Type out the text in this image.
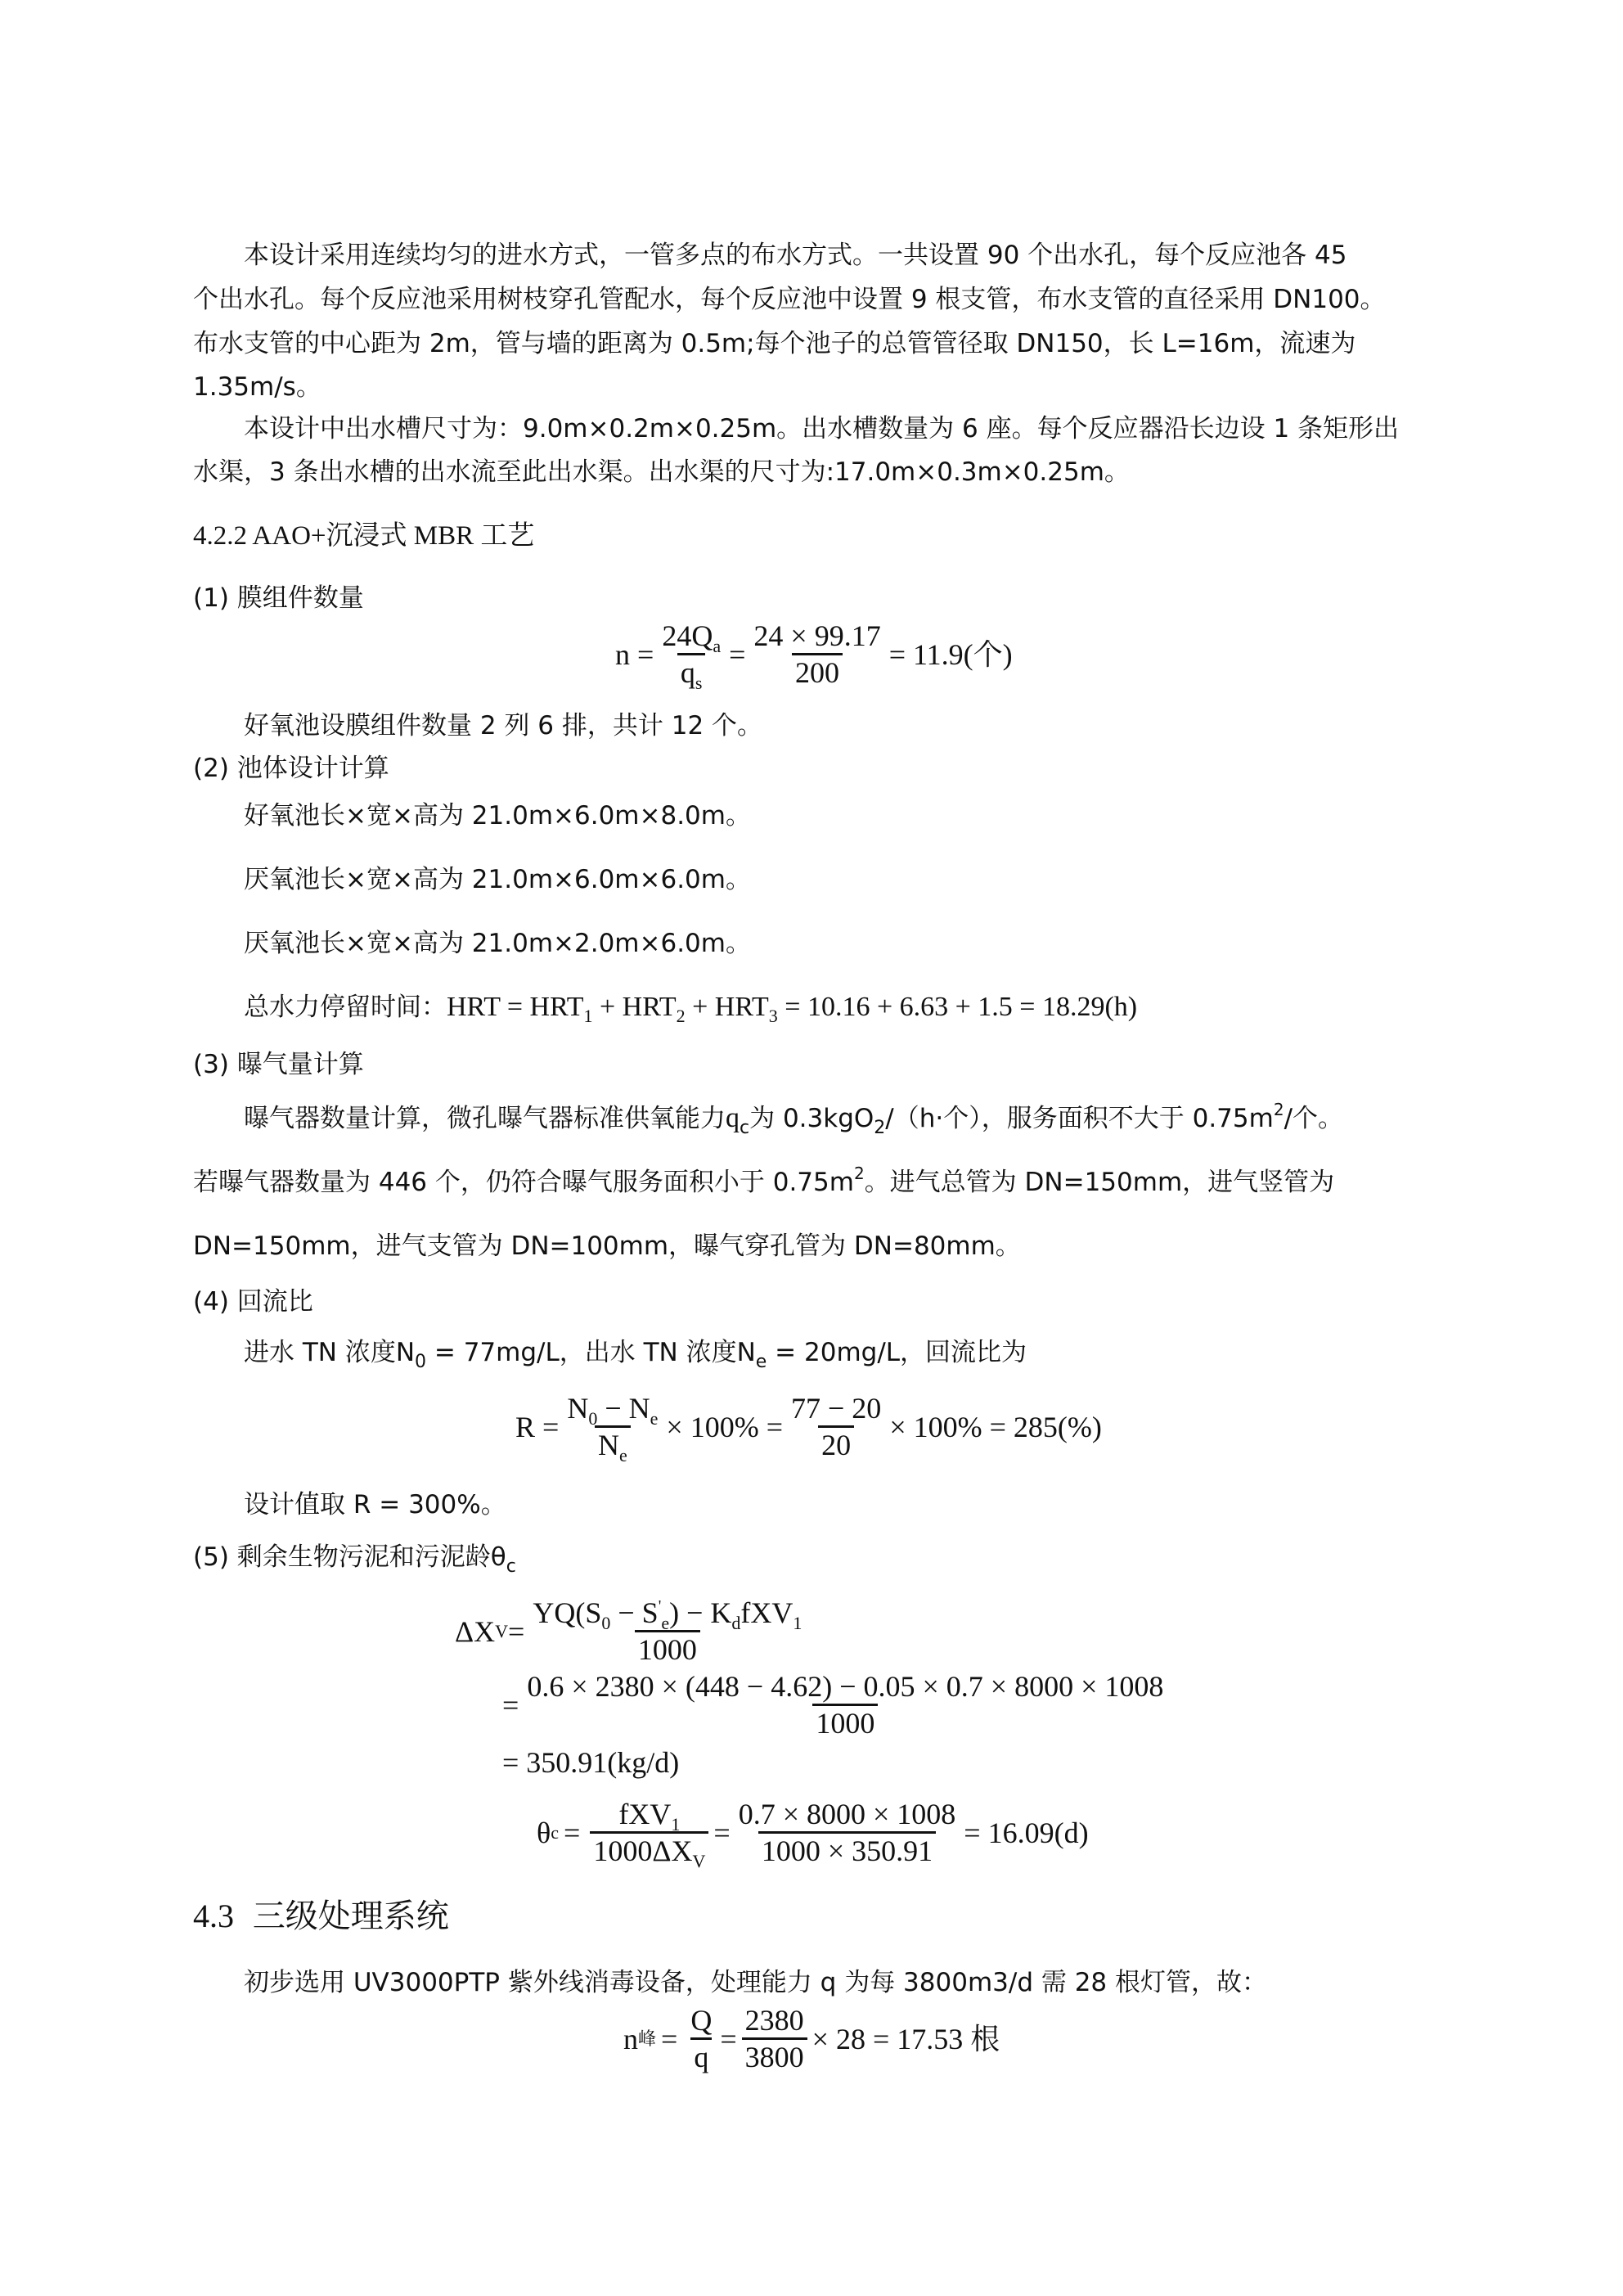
本设计采用连续均匀的进水方式，一管多点的布水方式。一共设置 90 个出水孔，每个反应池各 45
个出水孔。每个反应池采用树枝穿孔管配水，每个反应池中设置 9 根支管，布水支管的直径采用 DN100。
布水支管的中心距为 2m，管与墙的距离为 0.5m;每个池子的总管管径取 DN150，长 L=16m，流速为
1.35m/s。
本设计中出水槽尺寸为：9.0m×0.2m×0.25m。出水槽数量为 6 座。每个反应器沿长边设 1 条矩形出
水渠，3 条出水槽的出水流至此出水渠。出水渠的尺寸为:17.0m×0.3m×0.25m。
4.2.2 AAO+沉浸式 MBR 工艺
(1) 膜组件数量
$n = \frac{24Q_a}{q_s} = \frac{24 \times 99.17}{200} = 11.9$(个)
好氧池设膜组件数量 2 列 6 排，共计 12 个。
(2) 池体设计计算
好氧池长×宽×高为 21.0m×6.0m×8.0m。
厌氧池长×宽×高为 21.0m×6.0m×6.0m。
厌氧池长×宽×高为 21.0m×2.0m×6.0m。
总水力停留时间：HRT = $HRT_1 + HRT_2 + HRT_3 = 10.16 + 6.63 + 1.5 = 18.29(h)$
(3) 曝气量计算
曝气器数量计算，微孔曝气器标准供氧能力$q_c$为 0.3kgO$_2$/（h·个），服务面积不大于 $0.75m^2/$个。
若曝气器数量为 446 个，仍符合曝气服务面积小于 $0.75m^2$。进气总管为 DN=150mm，进气竖管为
DN=150mm，进气支管为 DN=100mm，曝气穿孔管为 DN=80mm。
(4) 回流比
进水 TN 浓度$N_0 = 77mg/L$，出水 TN 浓度$N_e = 20mg/L$，回流比为
$R = \frac{N_0 - N_e}{N_e} \times 100\% = \frac{77 - 20}{20} \times 100\% = 285(\%)$
设计值取 R = 300%。
(5) 剩余生物污泥和污泥龄$\theta_c$
ΔX $V = \frac{YQ(S_0 - S'_e) - K_dfXV_1}{1000}$
= $\frac{0.6 \times 2380 \times (448 - 4.62) - 0.05 \times 0.7 \times 8000 \times 1008}{1000}$
= 350.91(kg/d)
θ $c = \frac{fXV_1}{1000\Delta X_V} = \frac{0.7 \times 8000 \times 1008}{1000 \times 350.91} = 16.09(d)$
4.3 三级处理系统
初步选用 UV3000PTP 紫外线消毒设备，处理能力 q 为每 3800m3/d 需 28 根灯管，故：
n 峰 = $\frac{Q}{q} = \frac{2380}{3800} \times 28 = 17.53$ 根
